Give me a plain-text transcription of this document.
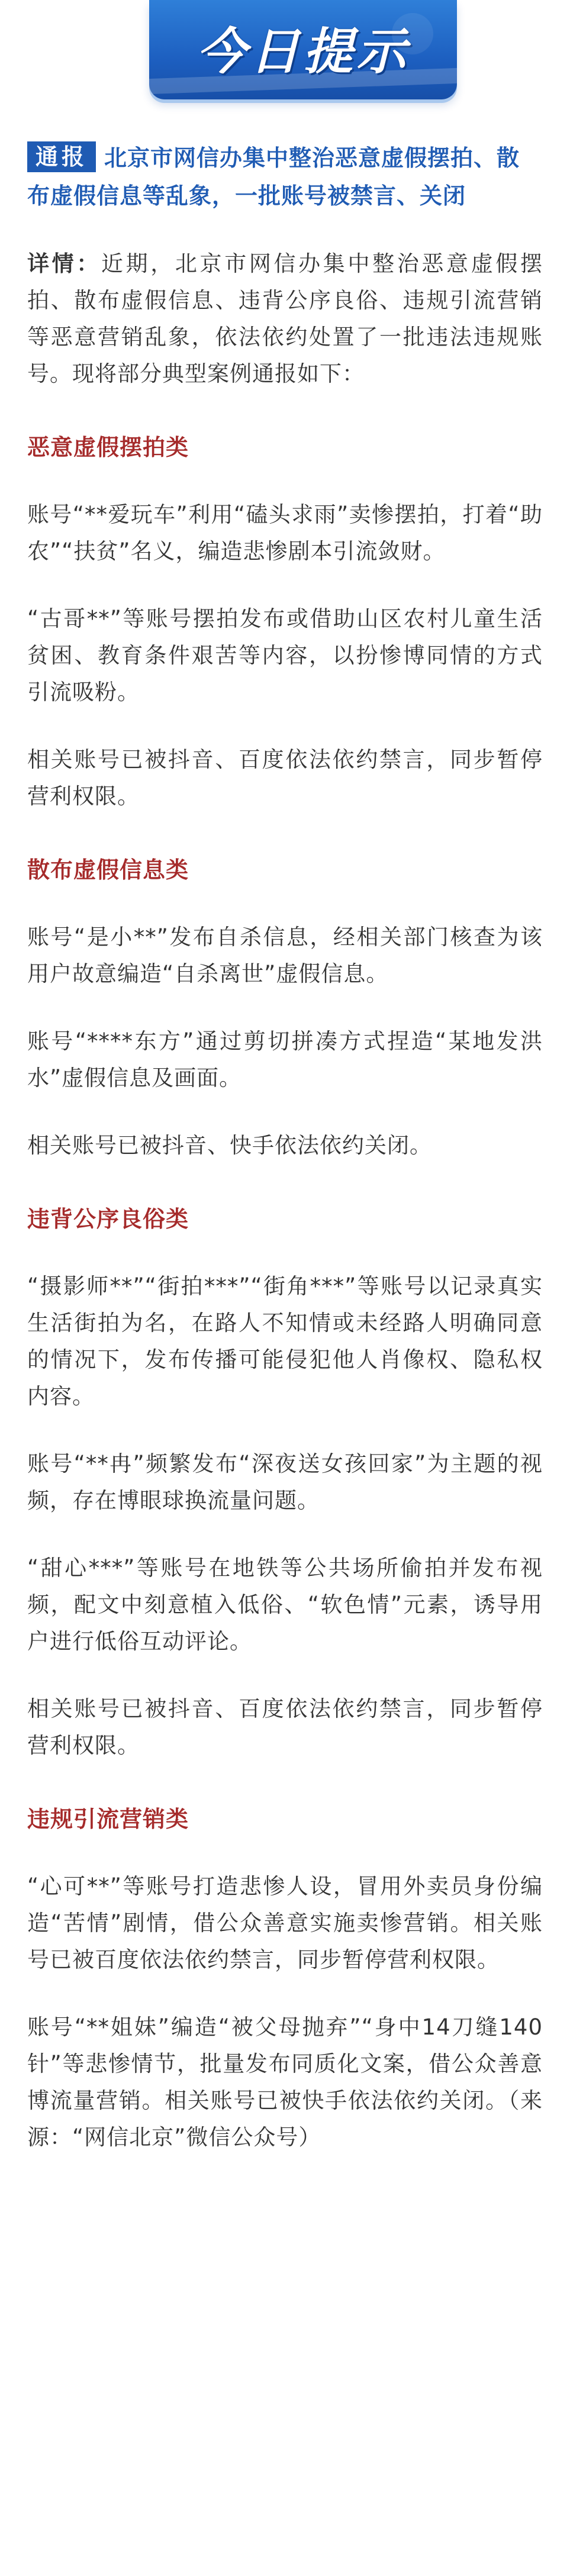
今日提示
通报 北京市网信办集中整治恶意虚假摆拍、散布虚假信息等乱象，一批账号被禁言、关闭
详情：近期，北京市网信办集中整治恶意虚假摆拍、散布虚假信息、违背公序良俗、违规引流营销等恶意营销乱象，依法依约处置了一批违法违规账号。现将部分典型案例通报如下：
恶意虚假摆拍类
账号“**爱玩车”利用“磕头求雨”卖惨摆拍，打着“助农”“扶贫”名义，编造悲惨剧本引流敛财。
“古哥**”等账号摆拍发布或借助山区农村儿童生活贫困、教育条件艰苦等内容，以扮惨博同情的方式引流吸粉。
相关账号已被抖音、百度依法依约禁言，同步暂停营利权限。
散布虚假信息类
账号“是小**”发布自杀信息，经相关部门核查为该用户故意编造“自杀离世”虚假信息。
账号“****东方”通过剪切拼凑方式捏造“某地发洪水”虚假信息及画面。
相关账号已被抖音、快手依法依约关闭。
违背公序良俗类
“摄影师**”“街拍***”“街角***”等账号以记录真实生活街拍为名，在路人不知情或未经路人明确同意的情况下，发布传播可能侵犯他人肖像权、隐私权内容。
账号“**冉”频繁发布“深夜送女孩回家”为主题的视频，存在博眼球换流量问题。
“甜心***”等账号在地铁等公共场所偷拍并发布视频，配文中刻意植入低俗、“软色情”元素，诱导用户进行低俗互动评论。
相关账号已被抖音、百度依法依约禁言，同步暂停营利权限。
违规引流营销类
“心可**”等账号打造悲惨人设，冒用外卖员身份编造“苦情”剧情，借公众善意实施卖惨营销。相关账号已被百度依法依约禁言，同步暂停营利权限。
账号“**姐妹”编造“被父母抛弃”“身中14刀缝140针”等悲惨情节，批量发布同质化文案，借公众善意博流量营销。相关账号已被快手依法依约关闭。（来源：“网信北京”微信公众号）
